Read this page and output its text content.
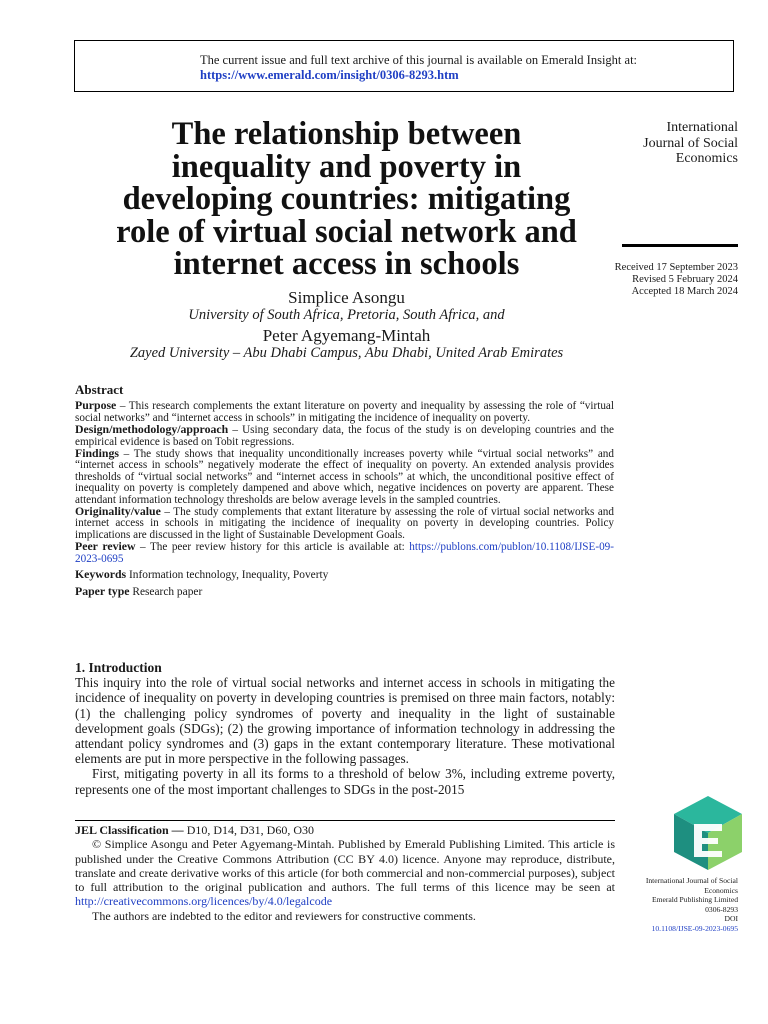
The current issue and full text archive of this journal is available on Emerald Insight at:
https://www.emerald.com/insight/0306-8293.htm
The relationship between
inequality and poverty in
developing countries: mitigating
role of virtual social network and
internet access in schools
International
Journal of Social
Economics
Received 17 September 2023
Revised 5 February 2024
Accepted 18 March 2024
Simplice Asongu
University of South Africa, Pretoria, South Africa, and
Peter Agyemang-Mintah
Zayed University – Abu Dhabi Campus, Abu Dhabi, United Arab Emirates
Abstract

Purpose – This research complements the extant literature on poverty and inequality by assessing the role of “virtual social networks” and “internet access in schools” in mitigating the incidence of inequality on poverty.

Design/methodology/approach – Using secondary data, the focus of the study is on developing countries and the empirical evidence is based on Tobit regressions.

Findings – The study shows that inequality unconditionally increases poverty while “virtual social networks” and “internet access in schools” negatively moderate the effect of inequality on poverty. An extended analysis provides thresholds of “virtual social networks” and “internet access in schools” at which, the unconditional positive effect of inequality on poverty is completely dampened and above which, negative incidences on poverty are apparent. These attendant information technology thresholds are below average levels in the sampled countries.

Originality/value – The study complements that extant literature by assessing the role of virtual social networks and internet access in schools in mitigating the incidence of inequality on poverty in developing countries. Policy implications are discussed in the light of Sustainable Development Goals.

Peer review – The peer review history for this article is available at: https://publons.com/publon/10.1108/IJSE-09-2023-0695

Keywords Information technology, Inequality, Poverty

Paper type Research paper

1. Introduction

This inquiry into the role of virtual social networks and internet access in schools in mitigating the incidence of inequality on poverty in developing countries is premised on three main factors, notably: (1) the challenging policy syndromes of poverty and inequality in the light of sustainable development goals (SDGs); (2) the growing importance of information technology in addressing the attendant policy syndromes and (3) gaps in the extant contemporary literature. These motivational elements are put in more perspective in the following passages.

First, mitigating poverty in all its forms to a threshold of below 3%, including extreme poverty, represents one of the most important challenges to SDGs in the post-2015

JEL Classification — D10, D14, D31, D60, O30

© Simplice Asongu and Peter Agyemang-Mintah. Published by Emerald Publishing Limited. This article is published under the Creative Commons Attribution (CC BY 4.0) licence. Anyone may reproduce, distribute, translate and create derivative works of this article (for both commercial and non-commercial purposes), subject to full attribution to the original publication and authors. The full terms of this licence may be seen at http://creativecommons.org/licences/by/4.0/legalcode

The authors are indebted to the editor and reviewers for constructive comments.

International Journal of Social
Economics
Emerald Publishing Limited
0306-8293
DOI
10.1108/IJSE-09-2023-0695
